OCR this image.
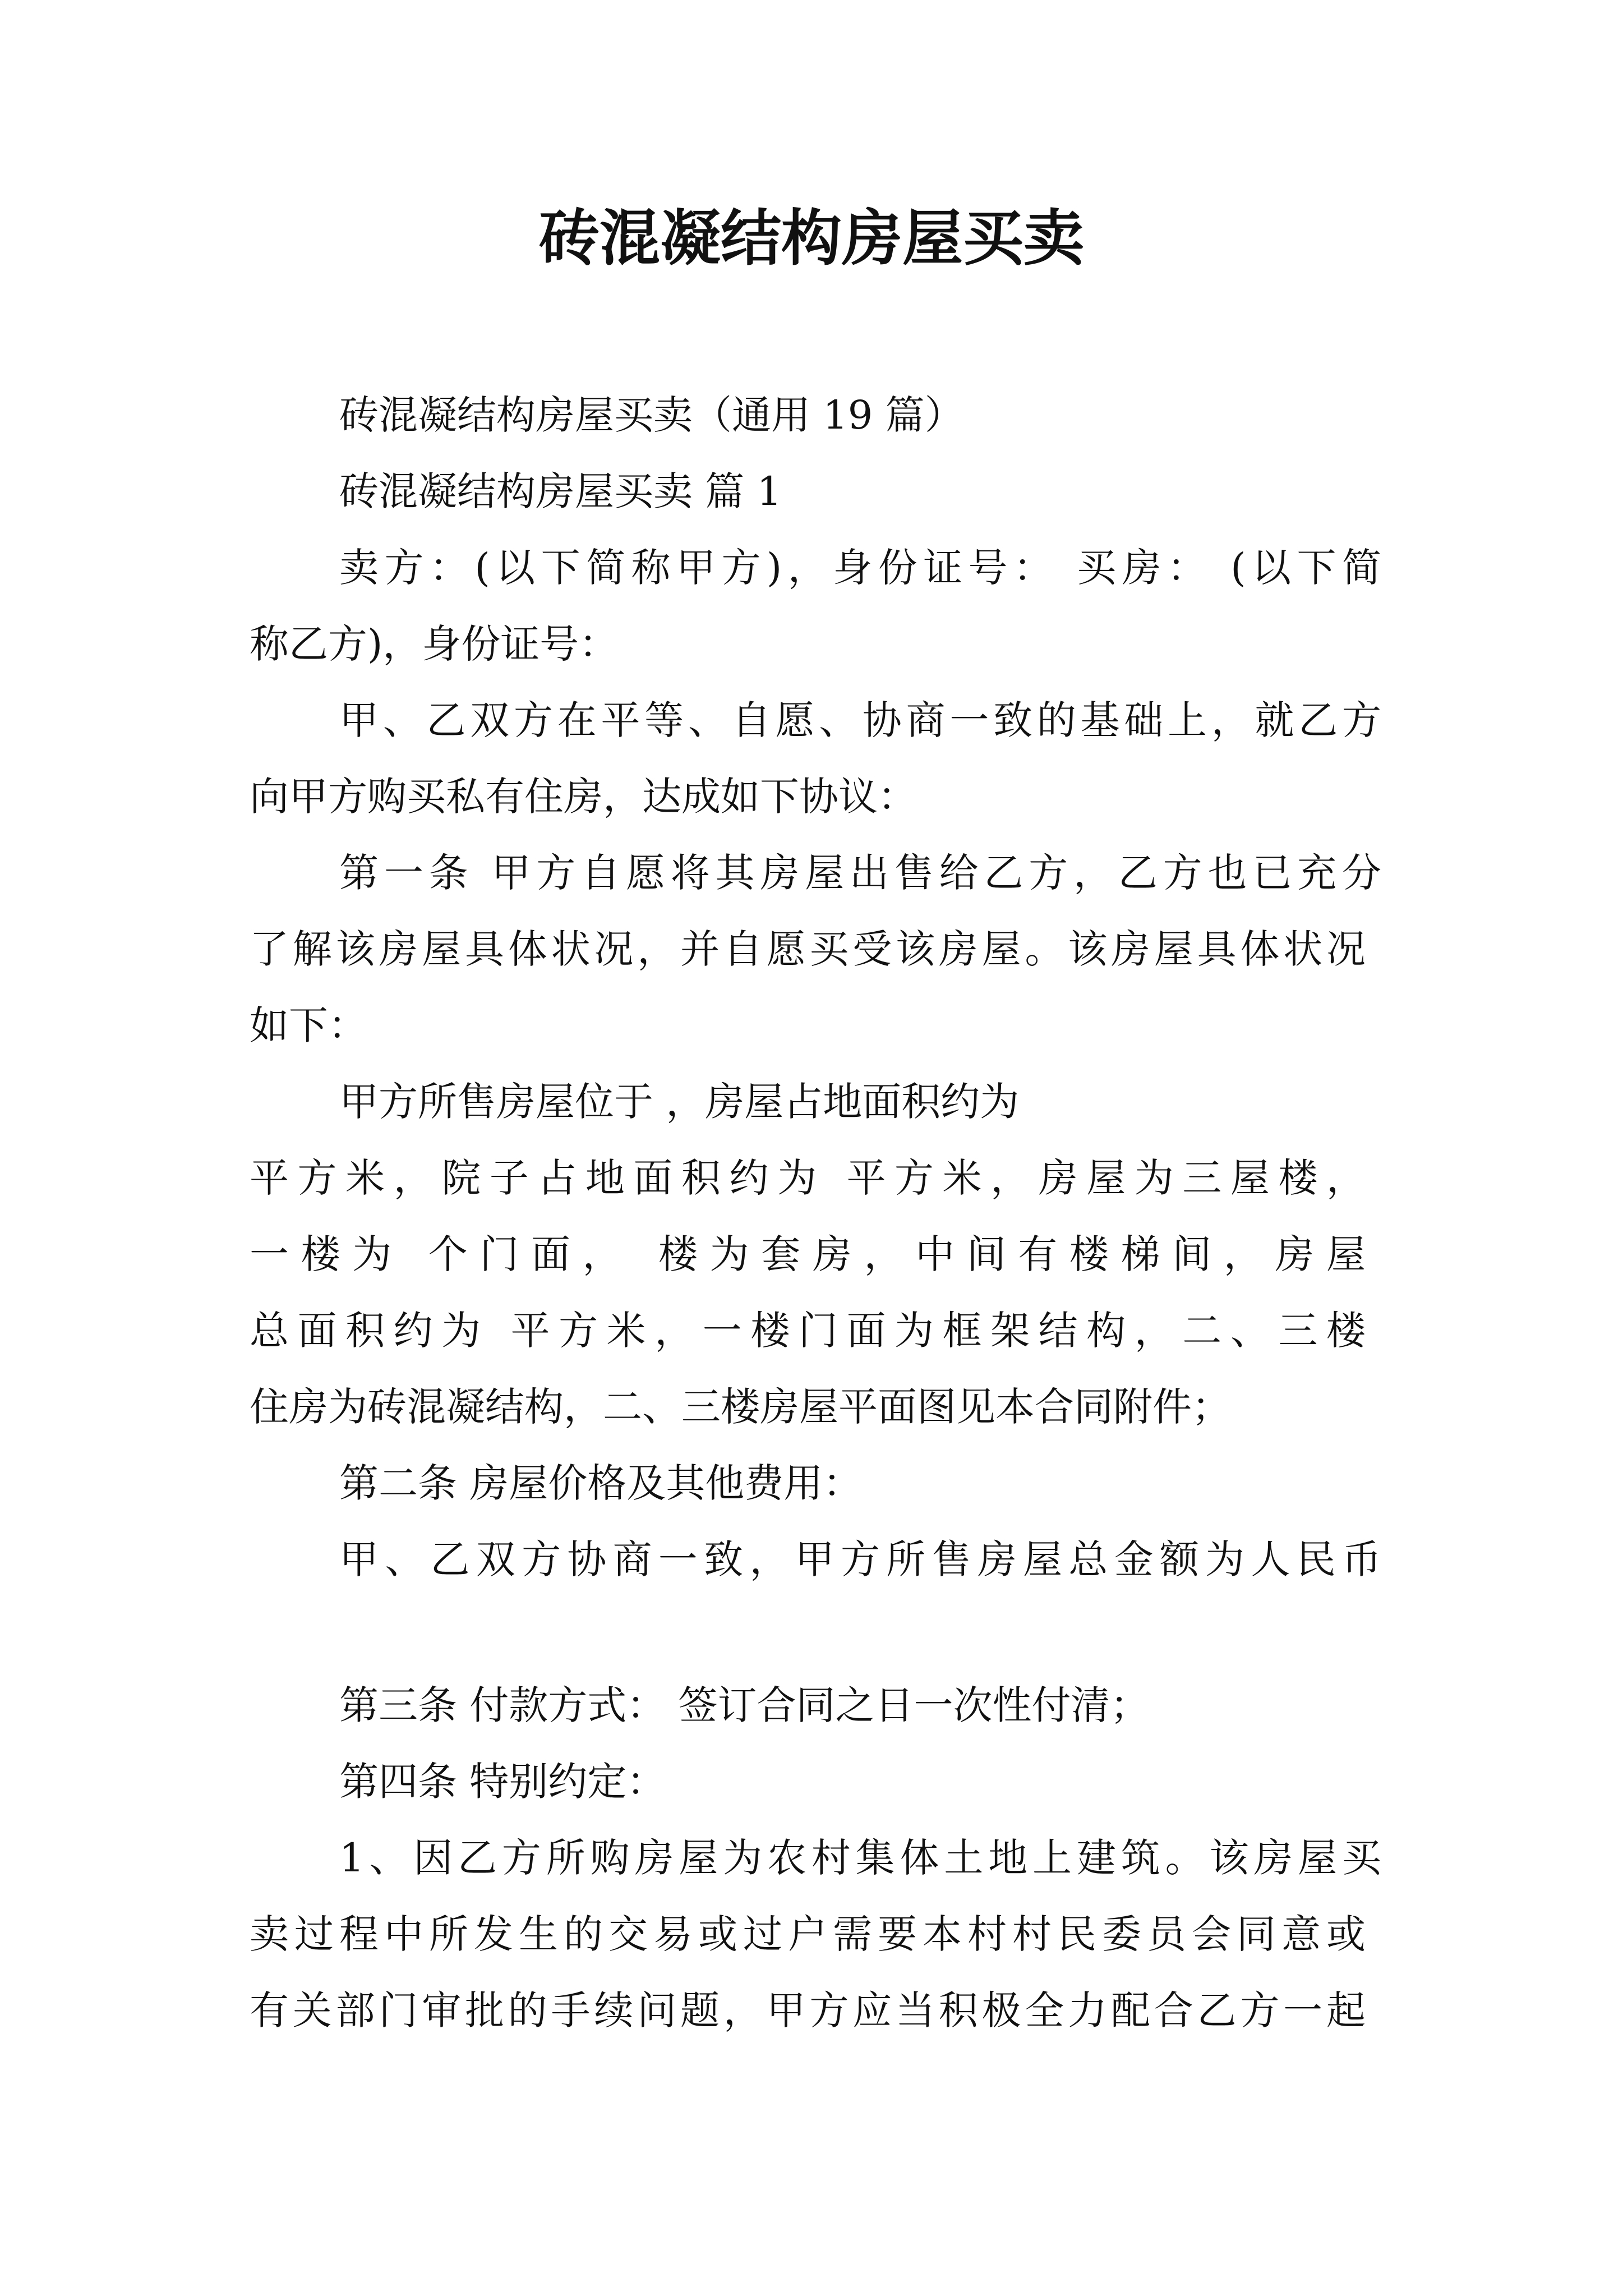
砖混凝结构房屋买卖
砖混凝结构房屋买卖（通用 19 篇）
砖混凝结构房屋买卖 篇 1
卖方：(以下简称甲方)，身份证号： 买房： (以下简
称乙方)，身份证号：
甲、乙双方在平等、自愿、协商一致的基础上，就乙方
向甲方购买私有住房，达成如下协议：
第一条 甲方自愿将其房屋出售给乙方，乙方也已充分
了解该房屋具体状况，并自愿买受该房屋。该房屋具体状况
如下：
甲方所售房屋位于 ，房屋占地面积约为
平方米，院子占地面积约为 平方米，房屋为三屋楼，
一楼为 个门面， 楼为套房，中间有楼梯间，房屋
总面积约为 平方米，一楼门面为框架结构，二、三楼
住房为砖混凝结构，二、三楼房屋平面图见本合同附件；
第二条 房屋价格及其他费用：
甲、乙双方协商一致，甲方所售房屋总金额为人民币
第三条 付款方式： 签订合同之日一次性付清；
第四条 特别约定：
1、因乙方所购房屋为农村集体土地上建筑。该房屋买
卖过程中所发生的交易或过户需要本村村民委员会同意或
有关部门审批的手续问题，甲方应当积极全力配合乙方一起
